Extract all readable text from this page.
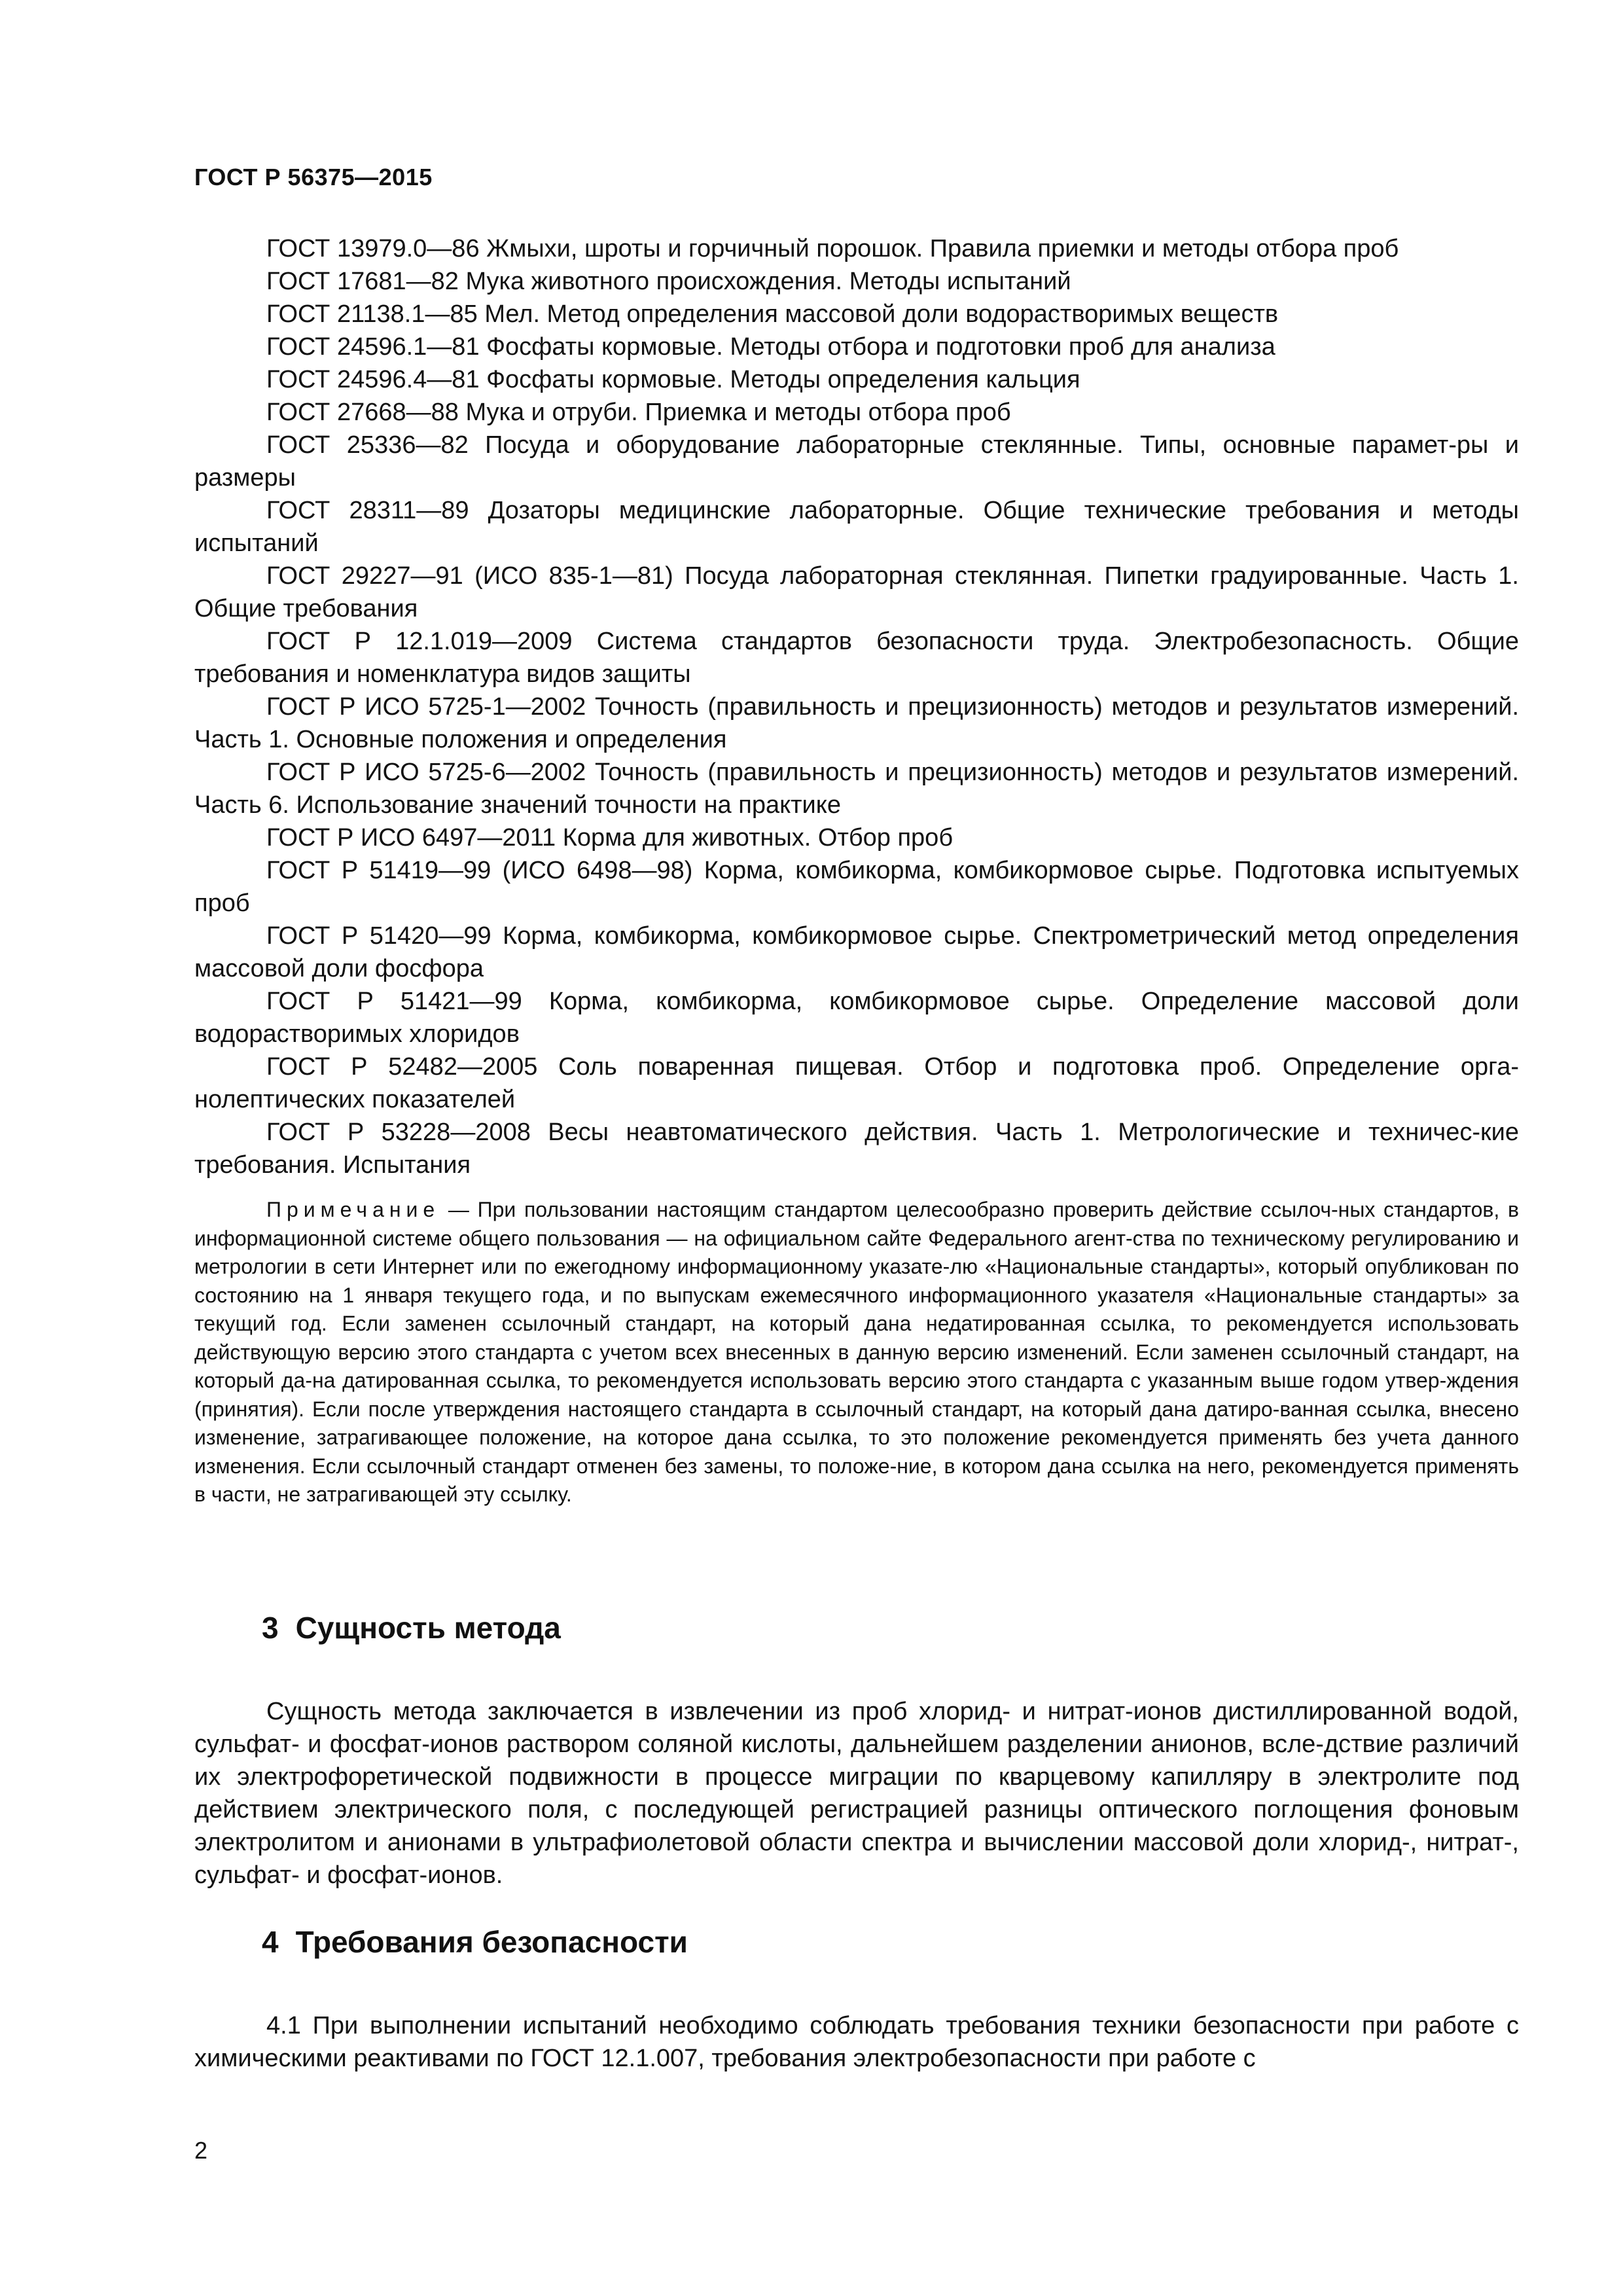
ГОСТ Р 56375—2015

ГОСТ 13979.0—86 Жмыхи, шроты и горчичный порошок. Правила приемки и методы отбора проб

ГОСТ 17681—82 Мука животного происхождения. Методы испытаний

ГОСТ 21138.1—85 Мел. Метод определения массовой доли водорастворимых веществ

ГОСТ 24596.1—81 Фосфаты кормовые. Методы отбора и подготовки проб для анализа

ГОСТ 24596.4—81 Фосфаты кормовые. Методы определения кальция

ГОСТ 27668—88 Мука и отруби. Приемка и методы отбора проб

ГОСТ 25336—82 Посуда и оборудование лабораторные стеклянные. Типы, основные парамет-ры и размеры

ГОСТ 28311—89 Дозаторы медицинские лабораторные. Общие технические требования и методы испытаний

ГОСТ 29227—91 (ИСО 835-1—81) Посуда лабораторная стеклянная. Пипетки градуированные. Часть 1. Общие требования

ГОСТ Р 12.1.019—2009 Система стандартов безопасности труда. Электробезопасность. Общие требования и номенклатура видов защиты

ГОСТ Р ИСО 5725-1—2002 Точность (правильность и прецизионность) методов и результатов измерений. Часть 1. Основные положения и определения

ГОСТ Р ИСО 5725-6—2002 Точность (правильность и прецизионность) методов и результатов измерений. Часть 6. Использование значений точности на практике

ГОСТ Р ИСО 6497—2011 Корма для животных. Отбор проб

ГОСТ Р 51419—99 (ИСО 6498—98) Корма, комбикорма, комбикормовое сырье. Подготовка испытуемых проб

ГОСТ Р 51420—99 Корма, комбикорма, комбикормовое сырье. Спектрометрический метод определения массовой доли фосфора

ГОСТ Р 51421—99 Корма, комбикорма, комбикормовое сырье. Определение массовой доли водорастворимых хлоридов

ГОСТ Р 52482—2005 Соль поваренная пищевая. Отбор и подготовка проб. Определение орга-нолептических показателей

ГОСТ Р 53228—2008 Весы неавтоматического действия. Часть 1. Метрологические и техничес-кие требования. Испытания

Примечание — При пользовании настоящим стандартом целесообразно проверить действие ссылоч-ных стандартов, в информационной системе общего пользования — на официальном сайте Федерального агент-ства по техническому регулированию и метрологии в сети Интернет или по ежегодному информационному указате-лю «Национальные стандарты», который опубликован по состоянию на 1 января текущего года, и по выпускам ежемесячного информационного указателя «Национальные стандарты» за текущий год. Если заменен ссылочный стандарт, на который дана недатированная ссылка, то рекомендуется использовать действующую версию этого стандарта с учетом всех внесенных в данную версию изменений. Если заменен ссылочный стандарт, на который да-на датированная ссылка, то рекомендуется использовать версию этого стандарта с указанным выше годом утвер-ждения (принятия). Если после утверждения настоящего стандарта в ссылочный стандарт, на который дана датиро-ванная ссылка, внесено изменение, затрагивающее положение, на которое дана ссылка, то это положение рекомендуется применять без учета данного изменения. Если ссылочный стандарт отменен без замены, то положе-ние, в котором дана ссылка на него, рекомендуется применять в части, не затрагивающей эту ссылку.

3 Сущность метода

Сущность метода заключается в извлечении из проб хлорид- и нитрат-ионов дистиллированной водой, сульфат- и фосфат-ионов раствором соляной кислоты, дальнейшем разделении анионов, вслe-дствие различий их электрофоретической подвижности в процессе миграции по кварцевому капилляру в электролите под действием электрического поля, с последующей регистрацией разницы оптического поглощения фоновым электролитом и анионами в ультрафиолетовой области спектра и вычислении массовой доли хлорид-, нитрат-, сульфат- и фосфат-ионов.

4 Требования безопасности

4.1 При выполнении испытаний необходимо соблюдать требования техники безопасности при работе с химическими реактивами по ГОСТ 12.1.007, требования электробезопасности при работе с

2
